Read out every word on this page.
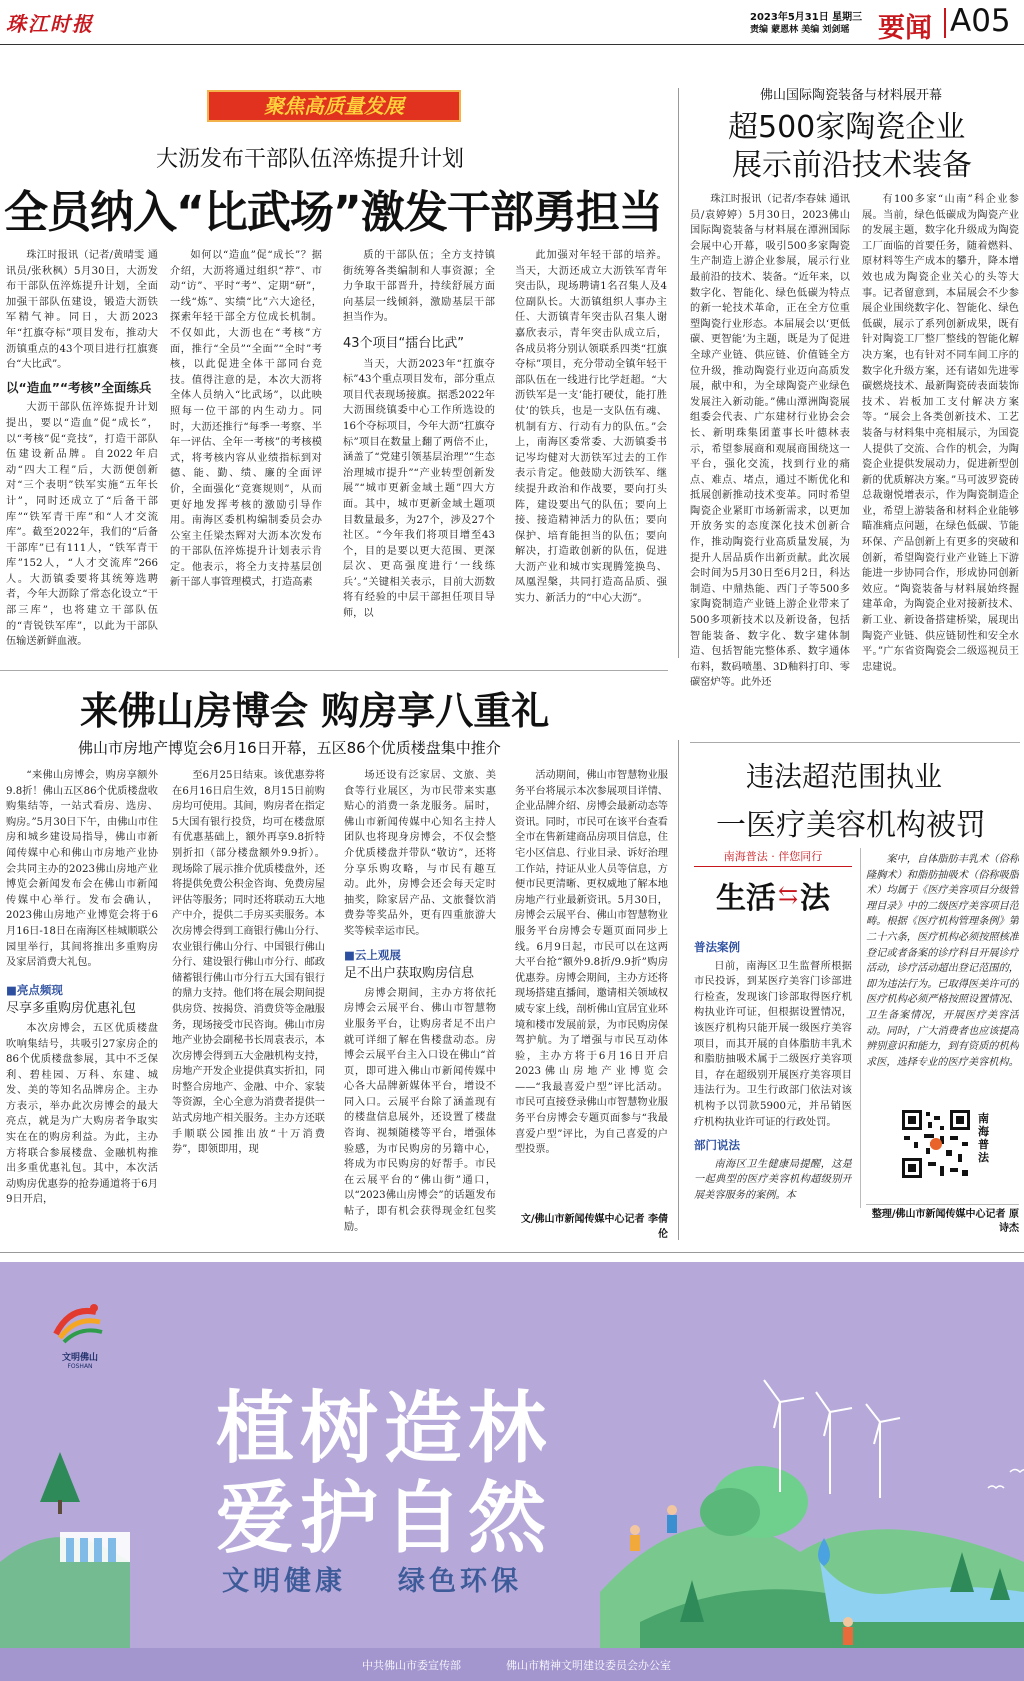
珠江时报	2023年5月31日 星期三
责编 蒙恩林 美编 刘剑瑶 要闻 A05
聚焦高质量发展
大沥发布干部队伍淬炼提升计划
全员纳入“比武场”激发干部勇担当

珠江时报讯（记者/黄晴雯 通讯员/张秋枫）5月30日，大沥发布干部队伍淬炼提升计划，全面加强干部队伍建设，锻造大沥铁军精气神。同日，大沥2023年“扛旗夺标”项目发布，推动大沥镇重点的43个项目进行扛旗赛台“大比武”。

以“造血”“考核”全面练兵

大沥干部队伍淬炼提升计划提出，要以“造血”促“成长”，以“考核”促“竞技”，打造干部队伍建设新品牌。自2022年启动“四大工程”后，大沥便创新对“三个表明”铁军实施“五年长计”，同时还成立了“后备干部库”“铁军青干库”和“人才交流库”。截至2022年，我们的“后备干部库”已有111人，“铁军青干库”152人，“人才交流库”266人。大沥镇委要将其统筹选聘者，今年大沥除了常态化设立“干部三库”，也将建立干部队伍的“青锐铁军库”，以此为干部队伍输送新鲜血液。

如何以“造血”促“成长”？据介绍，大沥将通过组织“荐”、市动“访”、平时“考”、定期“研”，一线“炼”、实绩“比”六大途径，探索年轻干部全方位成长机制。不仅如此，大沥也在“考核”方面，推行“全员”“全面”“全时”考核，以此促进全体干部同台竞技。值得注意的是，本次大沥将全体人员纳入“比武场”，以此映照每一位干部的内生动力。同时，大沥还推行“每季一考察、半年一评估、全年一考核”的考核模式，将考核内容从业绩指标到对德、能、勤、绩、廉的全面评价，全面强化“竞赛规则”，从而更好地发挥考核的激励引导作用。南海区委机构编制委员会办公室主任梁杰辉对大沥本次发布的干部队伍淬炼提升计划表示肯定。他表示，将全力支持基层创新干部人事管理模式，打造高素

质的干部队伍；全方支持镇街统筹各类编制和人事资源；全力争取干部晋升，持续舒展方面向基层一线倾斜，激励基层干部担当作为。

43个项目“擂台比武”

当天，大沥2023年“扛旗夺标”43个重点项目发布，部分重点项目代表现场接旗。据悉2022年大沥围绕镇委中心工作所选设的16个夺标项目，今年大沥“扛旗夺标”项目在数量上翻了两倍不止，涵盖了“党建引领基层治理”“生态治理城市提升”“产业转型创新发展”“城市更新金域土题”四大方面。其中，城市更新金域土题项目数量最多，为27个，涉及27个社区。“今年我们将项目增至43个，目的是要以更大范围、更深层次、更高强度进行‘一线练兵’。”关键相关表示，目前大沥数将有经验的中层干部担任项目导师，以

此加强对年轻干部的培养。当天，大沥还成立大沥铁军青年突击队，现场聘请1名召集人及4位副队长。大沥镇组织人事办主任、大沥镇青年突击队召集人谢嘉欣表示，青年突击队成立后，各成员将分别认领联系四类“扛旗夺标”项目，充分带动全镇年轻干部队伍在一线进行比学赶超。“大沥铁军是一支‘能打硬仗，能打胜仗’的铁兵，也是一支队伍有魂、机制有方、行动有力的队伍。”会上，南海区委常委、大沥镇委书记岑均健对大沥铁军过去的工作表示肯定。他鼓励大沥铁军、继续提升政治和作战要，要向打头阵，建设要出气的队伍；要向上接、接造精神活力的队伍；要向保护、培育能担当的队伍；要向解决，打造敢创新的队伍，促进大沥产业和城市实现腾笼换鸟、凤凰涅槃，共同打造高品质、强实力、新活力的“中心大沥”。

佛山国际陶瓷装备与材料展开幕
超500家陶瓷企业
展示前沿技术装备

珠江时报讯（记者/李春妹 通讯员/袁婷婷）5月30日，2023佛山国际陶瓷装备与材料展在潭洲国际会展中心开幕，吸引500多家陶瓷生产制造上游企业参展，展示行业最前沿的技术、装备。“近年来，以数字化、智能化、绿色低碳为特点的新一轮技术革命，正在全方位重塑陶瓷行业形态。本届展会以‘更低碳、更智能’为主题，既是为了促进全球产业链、供应链、价值链全方位升级，推动陶瓷行业迈向高质发展，献中和，为全球陶瓷产业绿色发展注入新动能。”佛山潭洲陶瓷展组委会代表、广东建材行业协会会长、新明珠集团董事长叶德林表示，希望参展商和观展商围绕这一平台，强化交流，找到行业的痛点、难点、堵点，通过不断优化和抵展创新推动技术变革。同时希望陶瓷企业紧盯市场新需求，以更加开放务实的态度深化技术创新合作，推动陶瓷行业高质量发展，为提升人居品质作出新贡献。此次展会时间为5月30日至6月2日，科达制造、中鼎热能、西门子等500多家陶瓷制造产业链上游企业带来了500多项新技术以及新设备，包括智能装备、数字化、数字建体制造、包括智能完整体系、数字通体布料，数码喷墨、3D釉料打印、零碳窑炉等。此外还

有100多家“山南”科企业参展。当前，绿色低碳成为陶瓷产业的发展主题，数字化升级成为陶瓷工厂面临的首要任务，随着燃料、原材料等生产成本的攀升，降本增效也成为陶瓷企业关心的头等大事。记者留意到，本届展会不少参展企业围绕数字化、智能化、绿色低碳，展示了系列创新成果，既有针对陶瓷工厂整厂整线的智能化解决方案，也有针对不同车间工序的数字化升级方案，还有诸如先进零碳燃烧技术、最新陶瓷砖表面装饰技术、岩板加工支付解决方案等。“展会上各类创新技术、工艺装备与材料集中亮相展示，为国瓷人提供了交流、合作的机会，为陶瓷企业提供发展动力，促进新型创新的优质解决方案。”马可波罗瓷砖总裁谢悦增表示，作为陶瓷制造企业，希望上游装备和材料企业能够瞄准痛点问题，在绿色低碳、节能环保、产品创新上有更多的突破和创新，希望陶瓷行业产业链上下游能进一步协同合作，形成协同创新效应。“陶瓷装备与材料展始终握建革命，为陶瓷企业对接新技术、新工业、新设备搭建桥梁，展现出陶瓷产业链、供应链韧性和安全水平。”广东省资陶瓷会二级巡视员王忠建说。

来佛山房博会 购房享八重礼
佛山市房地产博览会6月16日开幕，五区86个优质楼盘集中推介

“来佛山房博会，购房享额外9.8折！佛山五区86个优质楼盘收购集结等，一站式看房、选房、购房。”5月30日下午，由佛山市住房和城乡建设局指导，佛山市新闻传媒中心和佛山市房地产业协会共同主办的2023佛山房地产业博览会新闻发布会在佛山市新闻传媒中心举行。发布会确认，2023佛山房地产业博览会将于6月16日-18日在南海区桂城顺联公园里举行，其间将推出多重购房及家居消费大礼包。

■亮点频现
尽享多重购房优惠礼包

本次房博会，五区优质楼盘吹响集结号，共吸引27家房企的86个优质楼盘参展，其中不乏保利、碧桂园、万科、东建、城发、美的等知名品牌房企。主办方表示，举办此次房博会的最大亮点，就是为广大购房者争取实实在在的购房利益。为此，主办方将联合参展楼盘、金融机构推出多重优惠礼包。其中，本次活动购房优惠券的抢券通道将于6月9日开启，

至6月25日结束。该优惠券将在6月16日启生效，8月15日前购房均可使用。其间，购房者在指定5大国有银行投贷，均可在楼盘原有优惠基础上，额外再享9.8折特别折扣（部分楼盘额外9.9折）。现场除了展示推介优质楼盘外，还将提供免费公积金咨询、免费房屋评估等服务；同时还将联动五大地产中介，提供二手房买卖服务。本次房博会得到工商银行佛山分行、农业银行佛山分行、中国银行佛山分行、建设银行佛山市分行、邮政储蓄银行佛山市分行五大国有银行的鼎力支持。他们将在展会期间提供房贷、按揭贷、消费贷等金融服务，现场接受市民咨询。佛山市房地产业协会副秘书长周袁表示，本次房博会得到五大金融机构支持，房地产开发企业提供真实折扣，同时整合房地产、金融、中介、家装等资源，全心全意为消费者提供一站式房地产相关服务。主办方还联手顺联公园推出放“十万消费券”，即领即用，现

场还设有泛家居、文旅、美食等行业展区，为市民带来实惠贴心的消费一条龙服务。届时，佛山市新闻传媒中心知名主持人团队也将现身房博会，不仅会整介优质楼盘并带队“敬访”，还将分享乐购攻略，与市民有趣互动。此外，房博会还会每天定时抽奖，除家居产品、文旅餐饮消费券等奖品外，更有四重旅游大奖等候幸运市民。

■云上观展
足不出户获取购房信息

房博会期间，主办方将依托房博会云展平台、佛山市智慧物业服务平台，让购房者足不出户就可详细了解在售楼盘动态。房博会云展平台主入口设在佛山“首页，即可进入佛山市新闻传媒中心各大品牌新媒体平台，增设不同入口。云展平台除了涵盖现有的楼盘信息展外，还设置了楼盘咨询、视频随楼等平台，增强体验感，为市民购房的另籍中心，将成为市民购房的好帮手。市民在云展平台的“佛山街”通口，以“2023佛山房博会”的话题发布帖子，即有机会获得现金红包奖励。

活动期间，佛山市智慧物业服务平台将展示本次参展项目详情、企业品牌介绍、房博会最新动态等资讯。同时，市民可在该平台查看全市在售新建商品房项目信息，住宅小区信息、行业目录、诉好治理工作站，持证从业人员等信息，方便市民更清晰、更权威地了解本地房地产行业最新资讯。5月30日，房博会云展平台、佛山市智慧物业服务平台房博会专题页面同步上线。6月9日起，市民可以在这两大平台抢“额外9.8折/9.9折”购房优惠券。房博会期间，主办方还将现场搭建直播间，邀请相关领域权威专家上线，剖析佛山宜居宜业环境和楼市发展前景，为市民购房保驾护航。为了增强与市民互动体验，主办方将于6月16日开启2023佛山房地产业博览会——“我最喜爱户型”评比活动。市民可直接登录佛山市智慧物业服务平台房博会专题页面参与“我最喜爱户型”评比，为自己喜爱的户型投票。

文/佛山市新闻传媒中心记者 李倩伦
违法超范围执业
一医疗美容机构被罚
南海普法 · 伴您同行
生活 ⇆ 法
普法案例

日前，南海区卫生监督所根据市民投诉，到某医疗美容门诊部进行检查，发现该门诊部取得医疗机构执业许可证，但根据设置情况，该医疗机构只能开展一级医疗美容项目，而其开展的自体脂肪丰乳术和脂肪抽吸术属于二级医疗美容项目，存在超级别开展医疗美容项目违法行为。卫生行政部门依法对该机构予以罚款5900元，并吊销医疗机构执业许可证的行政处罚。

部门说法

南海区卫生健康局提醒，这是一起典型的医疗美容机构超级别开展美容服务的案例。本

案中，自体脂肪丰乳术（俗称隆胸术）和脂肪抽吸术（俗称吸脂术）均属于《医疗美容项目分级管理目录》中的二级医疗美容项目范畴。根据《医疗机构管理条例》第二十六条，医疗机构必须按照核准登记或者备案的诊疗科目开展诊疗活动，诊疗活动超出登记范围的，即为违法行为。已取得医美许可的医疗机构必须严格按照设置情况、卫生备案情况，开展医疗美容活动。同时，广大消费者也应该提高辨别意识和能力，到有资质的机构求医，选择专业的医疗美容机构。

南海普法
整理/佛山市新闻传媒中心记者 原诗杰
文明佛山
FOSHAN
植树造林
爱护自然
文明健康 绿色环保
中共佛山市委宣传部	佛山市精神文明建设委员会办公室
